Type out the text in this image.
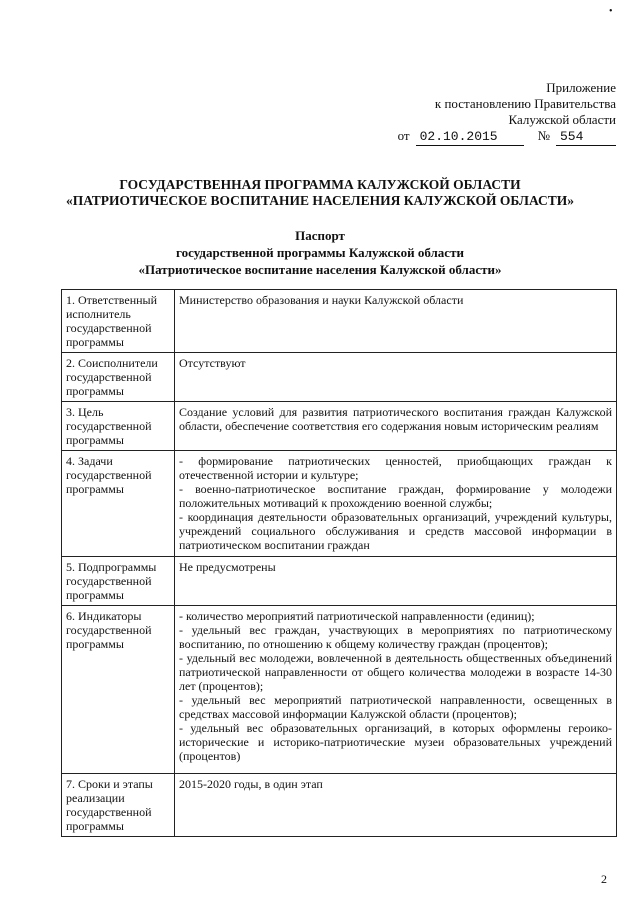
•
Приложение
к постановлению Правительства
Калужской области
от 02.10.2015	№ 554
ГОСУДАРСТВЕННАЯ ПРОГРАММА КАЛУЖСКОЙ ОБЛАСТИ
«ПАТРИОТИЧЕСКОЕ ВОСПИТАНИЕ НАСЕЛЕНИЯ КАЛУЖСКОЙ ОБЛАСТИ»
Паспорт
государственной программы Калужской области
«Патриотическое воспитание населения Калужской области»
1. Ответственный исполнитель государственной программы	Министерство образования и науки Калужской области

2. Соисполнители государственной программы	Отсутствуют

3. Цель государственной программы	Создание условий для развития патриотического воспитания граждан Калужской области, обеспечение соответствия его содержания новым историческим реалиям

4. Задачи государственной программы	- формирование патриотических ценностей, приобщающих граждан к отечественной истории и культуре;

- военно-патриотическое воспитание граждан, формирование у молодежи положительных мотиваций к прохождению военной службы;

- координация деятельности образовательных организаций, учреждений культуры, учреждений социального обслуживания и средств массовой информации в патриотическом воспитании граждан

5. Подпрограммы государственной программы	Не предусмотрены

6. Индикаторы государственной программы	- количество мероприятий патриотической направленности (единиц);

- удельный вес граждан, участвующих в мероприятиях по патриотическому воспитанию, по отношению к общему количеству граждан (процентов);

- удельный вес молодежи, вовлеченной в деятельность общественных объединений патриотической направленности от общего количества молодежи в возрасте 14-30 лет (процентов);

- удельный вес мероприятий патриотической направленности, освещенных в средствах массовой информации Калужской области (процентов);

- удельный вес образовательных организаций, в которых оформлены героико-исторические и историко-патриотические музеи образовательных учреждений (процентов)

7. Сроки и этапы реализации государственной программы	2015-2020 годы, в один этап

2
